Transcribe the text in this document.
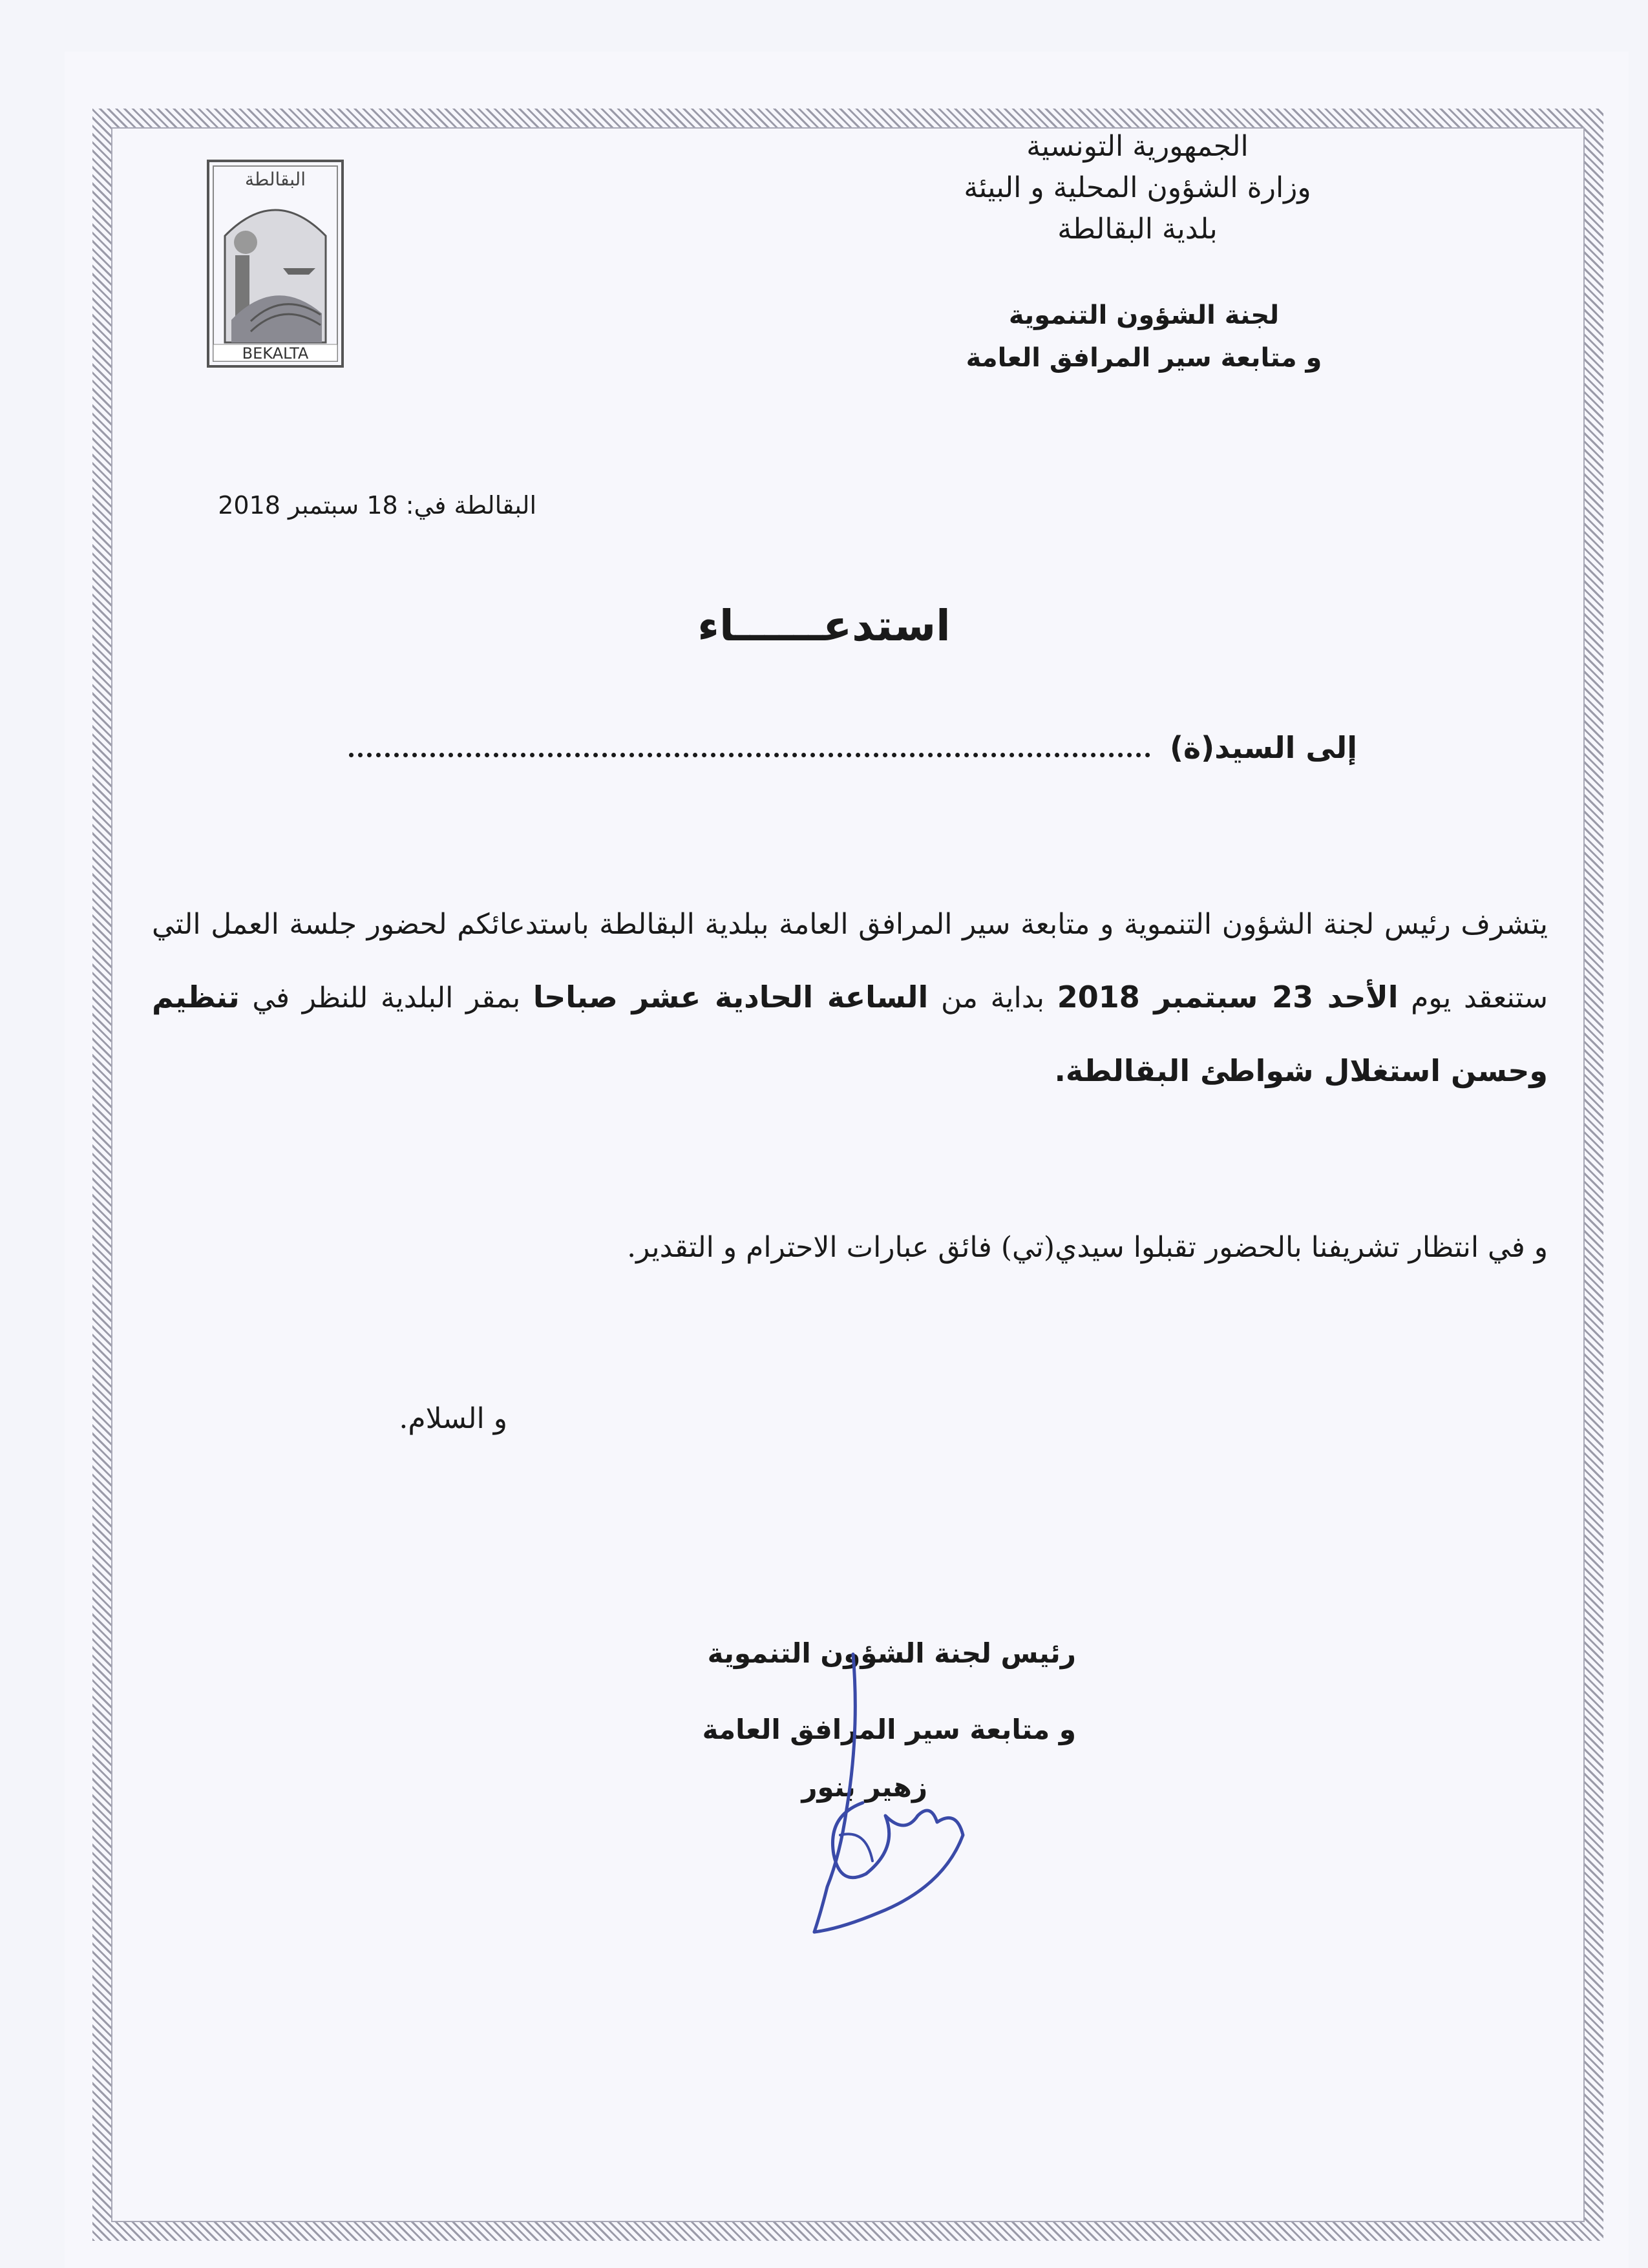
البقالطة
BEKALTA
الجمهورية التونسية
وزارة الشؤون المحلية و البيئة
بلدية البقالطة
لجنة الشؤون التنموية
و متابعة سير المرافق العامة
البقالطة في: 18 سبتمبر 2018
استدعــــــاء
إلى السيد(ة)
يتشرف رئيس لجنة الشؤون التنموية و متابعة سير المرافق العامة ببلدية البقالطة باستدعائكم لحضور جلسة العمل التي ستنعقد يوم الأحد 23 سبتمبر 2018 بداية من الساعة الحادية عشر صباحا بمقر البلدية للنظر في تنظيم وحسن استغلال شواطئ البقالطة.
و في انتظار تشريفنا بالحضور تقبلوا سيدي(تي) فائق عبارات الاحترام و التقدير.
و السلام.
رئيس لجنة الشؤون التنموية
و متابعة سير المرافق العامة
زهير بنور
